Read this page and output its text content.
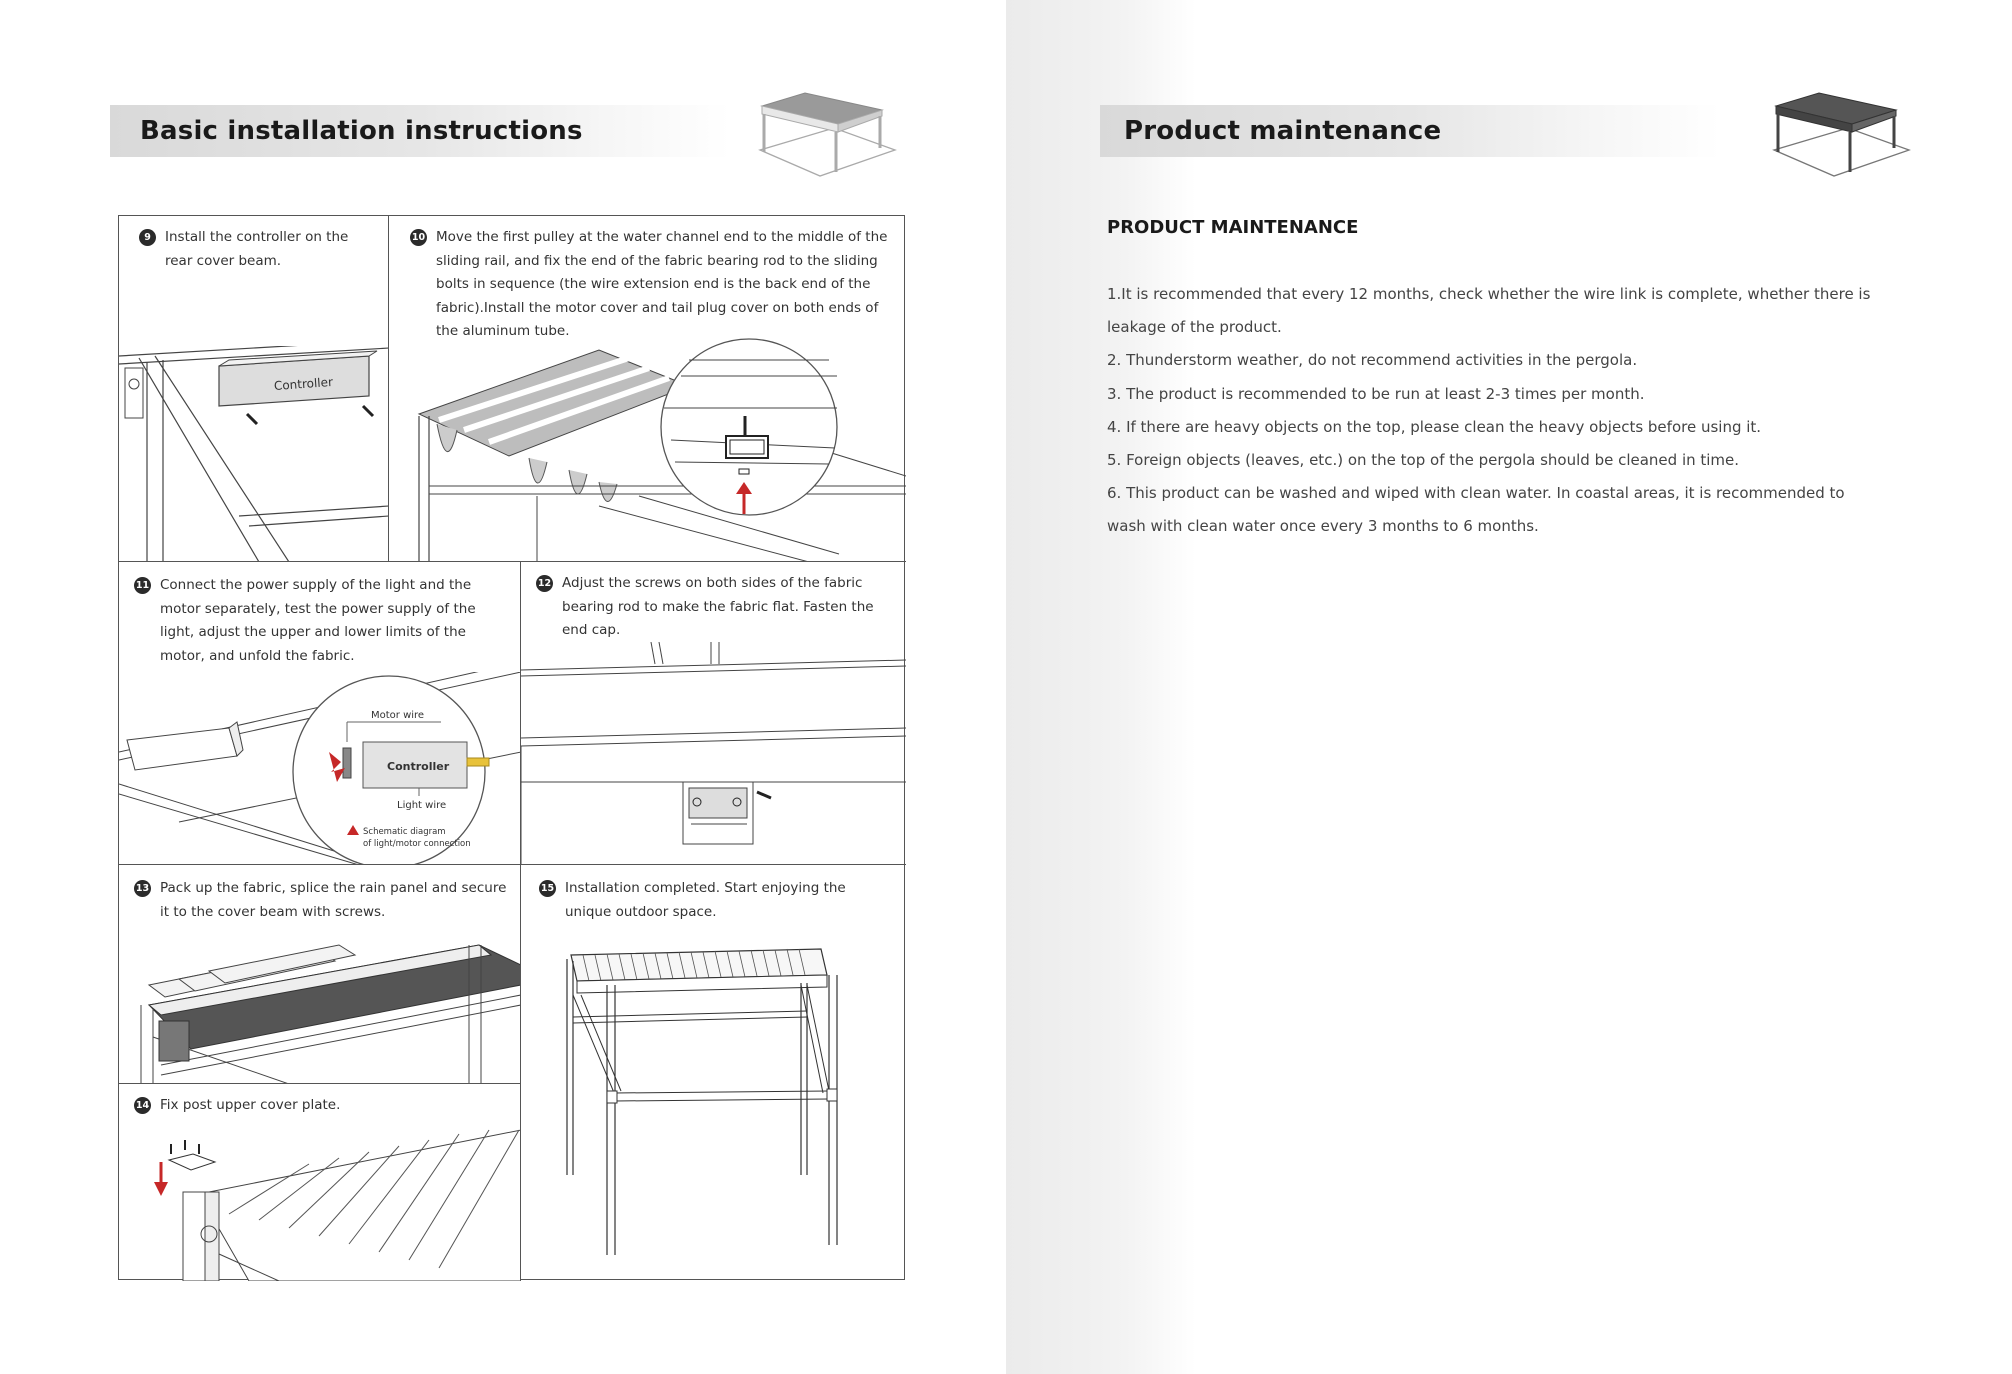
Basic installation instructions
9	Install the controller on the rear cover beam.
Controller
10 Move the first pulley at the water channel end to the middle of the sliding rail, and fix the end of the fabric bearing rod to the sliding bolts in sequence (the wire extension end is the back end of the fabric).Install the motor cover and tail plug cover on both ends of the aluminum tube.
11 Connect the power supply of the light and the motor separately, test the power supply of the light, adjust the upper and lower limits of the motor, and unfold the fabric.
Motor wire
Controller
Light wire
Schematic diagram
of light/motor connection
12 Adjust the screws on both sides of the fabric bearing rod to make the fabric flat. Fasten the end cap.
13 Pack up the fabric, splice the rain panel and secure it to the cover beam with screws.
14 Fix post upper cover plate.
15 Installation completed. Start enjoying the unique outdoor space.
Product maintenance
PRODUCT MAINTENANCE

1.It is recommended that every 12 months, check whether the wire link is complete, whether there is leakage of the product.

2. Thunderstorm weather, do not recommend activities in the pergola.

3. The product is recommended to be run at least 2-3 times per month.

4. If there are heavy objects on the top, please clean the heavy objects before using it.

5. Foreign objects (leaves, etc.) on the top of the pergola should be cleaned in time.

6. This product can be washed and wiped with clean water. In coastal areas, it is recommended to wash with clean water once every 3 months to 6 months.
